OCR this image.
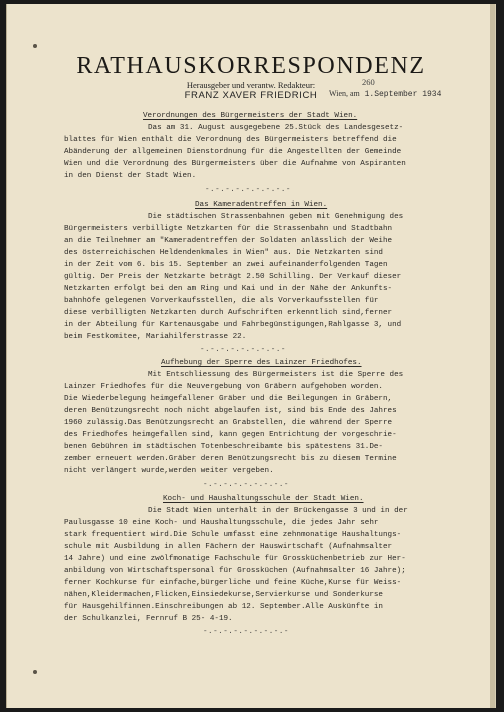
RATHAUSKORRESPONDENZ
Herausgeber und verantw. Redakteur:
FRANZ XAVER FRIEDRICH
260
Wien, am 1.September 1934
Verordnungen des Bürgermeisters der Stadt Wien.
Das am 31. August ausgegebene 25.Stück des Landesgesetz-
blattes für Wien enthält die Verordnung des Bürgermeisters betreffend die
Abänderung der allgemeinen Dienstordnung für die Angestellten der Gemeinde
Wien und die Verordnung des Bürgermeisters über die Aufnahme von Aspiranten
in den Dienst der Stadt Wien.
-.-.-.-.-.-.-.-.-
Das Kameradentreffen in Wien.
Die städtischen Strassenbahnen geben mit Genehmigung des
Bürgermeisters verbilligte Netzkarten für die Strassenbahn und Stadtbahn
an die Teilnehmer am "Kameradentreffen der Soldaten anlässlich der Weihe
des österreichischen Heldendenkmales in Wien" aus. Die Netzkarten sind
in der Zeit vom 6. bis 15. September an zwei aufeinanderfolgenden Tagen
gültig. Der Preis der Netzkarte beträgt 2.50 Schilling. Der Verkauf dieser
Netzkarten erfolgt bei den am Ring und Kai und in der Nähe der Ankunfts-
bahnhöfe gelegenen Vorverkaufsstellen, die als Vorverkaufsstellen für
diese verbilligten Netzkarten durch Aufschriften erkenntlich sind,ferner
in der Abteilung für Kartenausgabe und Fahrbegünstigungen,Rahlgasse 3, und
beim Festkomitee, Mariahilferstrasse 22.
-.-.-.-.-.-.-.-.-
Aufhebung der Sperre des Lainzer Friedhofes.
Mit Entschliessung des Bürgermeisters ist die Sperre des
Lainzer Friedhofes für die Neuvergebung von Gräbern aufgehoben worden.
Die Wiederbelegung heimgefallener Gräber und die Beilegungen in Gräbern,
deren Benützungsrecht noch nicht abgelaufen ist, sind bis Ende des Jahres
1960 zulässig.Das Benützungsrecht an Grabstellen, die während der Sperre
des Friedhofes heimgefallen sind, kann gegen Entrichtung der vorgeschrie-
benen Gebühren im städtischen Totenbeschreibamte bis spätestens 31.De-
zember erneuert werden.Gräber deren Benützungsrecht bis zu diesem Termine
nicht verlängert wurde,werden weiter vergeben.
-.-.-.-.-.-.-.-.-
Koch- und Haushaltungsschule der Stadt Wien.
Die Stadt Wien unterhält in der Brückengasse 3 und in der
Paulusgasse 10 eine Koch- und Haushaltungsschule, die jedes Jahr sehr
stark frequentiert wird.Die Schule umfasst eine zehnmonatige Haushaltungs-
schule mit Ausbildung in allen Fächern der Hauswirtschaft (Aufnahmsalter
14 Jahre) und eine zwölfmonatige Fachschule für Grossküchenbetrieb zur Her-
anbildung von Wirtschaftspersonal für Grossküchen (Aufnahmsalter 16 Jahre);
ferner Kochkurse für einfache,bürgerliche und feine Küche,Kurse für Weiss-
nähen,Kleidermachen,Flicken,Einsiedekurse,Servierkurse und Sonderkurse
für Hausgehilfinnen.Einschreibungen ab 12. September.Alle Auskünfte in
der Schulkanzlei, Fernruf B 25- 4-19.
-.-.-.-.-.-.-.-.-
